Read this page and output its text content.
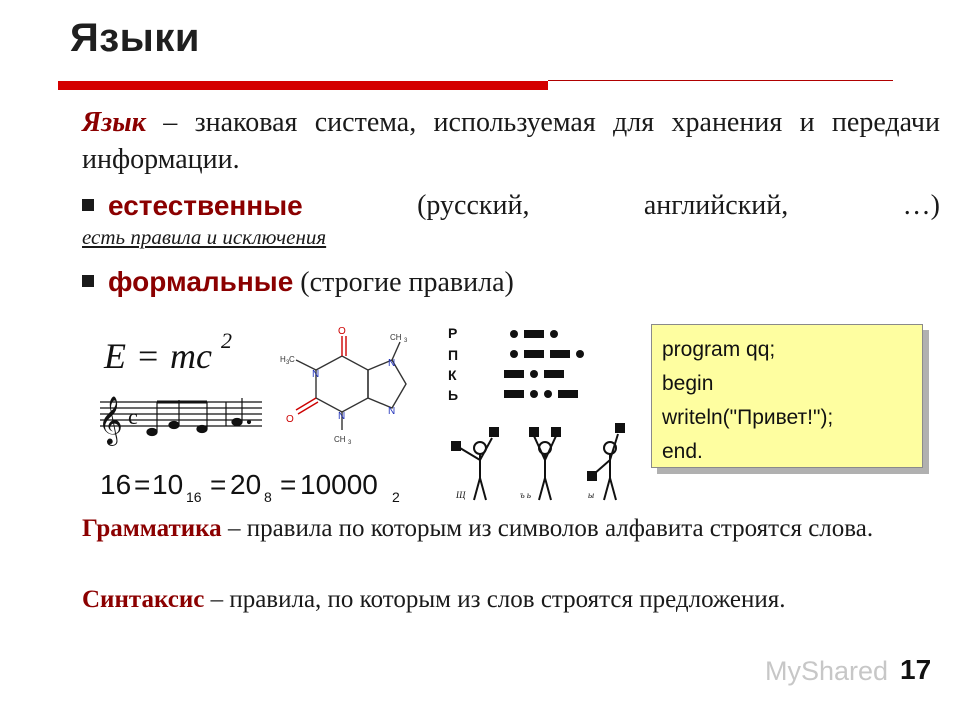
Языки
Язык – знаковая система, используемая для хранения и передачи информации.
естественные	(русский,	английский,	…)
есть правила и исключения
формальные (строгие правила)
E = mc 2
𝄞 c
16 = 10 16 = 20 8 = 10000 2
O
O
N
N
N
N
CH 3
H 3 C
CH 3
Р
П
К
Ь
Щ	ъ ь	ы
program qq;
begin
writeln("Привет!");
end.
Грамматика – правила по которым из символов алфавита строятся слова.
Синтаксис – правила, по которым из слов строятся предложения.
MyShared 17
